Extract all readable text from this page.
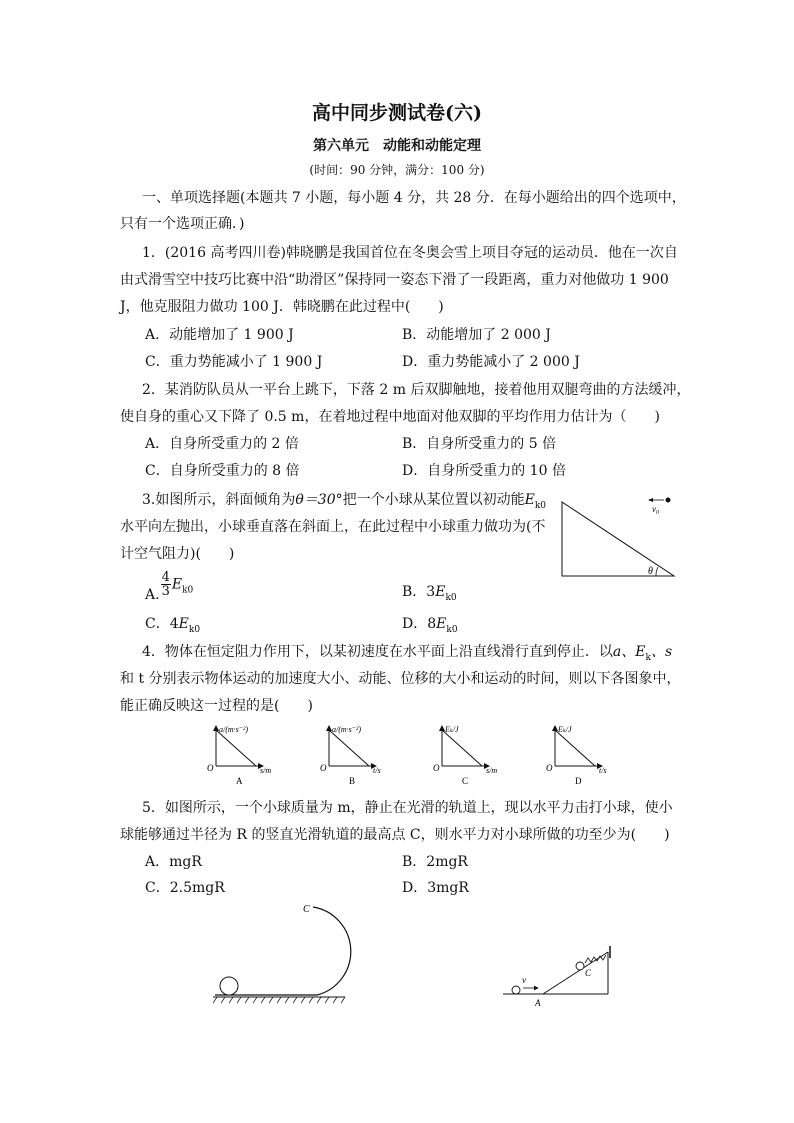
高中同步测试卷(六)
第六单元　动能和动能定理
(时间：90 分钟，满分：100 分)
一、单项选择题(本题共 7 小题，每小题 4 分，共 28 分．在每小题给出的四个选项中，
只有一个选项正确．)
1．(2016 高考四川卷)韩晓鹏是我国首位在冬奥会雪上项目夺冠的运动员．他在一次自
由式滑雪空中技巧比赛中沿“助滑区”保持同一姿态下滑了一段距离，重力对他做功 1 900
J，他克服阻力做功 100 J．韩晓鹏在此过程中(　　)
A．动能增加了 1 900 J	B．动能增加了 2 000 J
C．重力势能减小了 1 900 J	D．重力势能减小了 2 000 J
2．某消防队员从一平台上跳下，下落 2 m 后双脚触地，接着他用双腿弯曲的方法缓冲，
使自身的重心又下降了 0.5 m，在着地过程中地面对他双脚的平均作用力估计为（　　)
A．自身所受重力的 2 倍	B．自身所受重力的 5 倍
C．自身所受重力的 8 倍	D．自身所受重力的 10 倍
3.如图所示，斜面倾角为θ＝30°把一个小球从某位置以初动能$E_{k0}$
水平向左抛出，小球垂直落在斜面上，在此过程中小球重力做功为(不
计空气阻力)(　　)
A. $\frac{4}{3} E_{k0}$	B．$3E_{k0}$
C．$4E_{k0}$	D．$8E_{k0}$
θ
$v_0$
4．物体在恒定阻力作用下，以某初速度在水平面上沿直线滑行直到停止．以a、$E_k$、s
和 t 分别表示物体运动的加速度大小、动能、位移的大小和运动的时间，则以下各图象中，
能正确反映这一过程的是(　　)
a/(m·s⁻²)
s/m
O
A
a/(m·s⁻²)
t/s
O
B
Eₖ/J
s/m
O
C
Eₖ/J
t/s
O
D
5．如图所示，一个小球质量为 m，静止在光滑的轨道上，现以水平力击打小球，使小
球能够通过半径为 R 的竖直光滑轨道的最高点 C，则水平力对小球所做的功至少为(　　)
A．mgR	B．2mgR
C．2.5mgR	D．3mgR
C
v
A
C
